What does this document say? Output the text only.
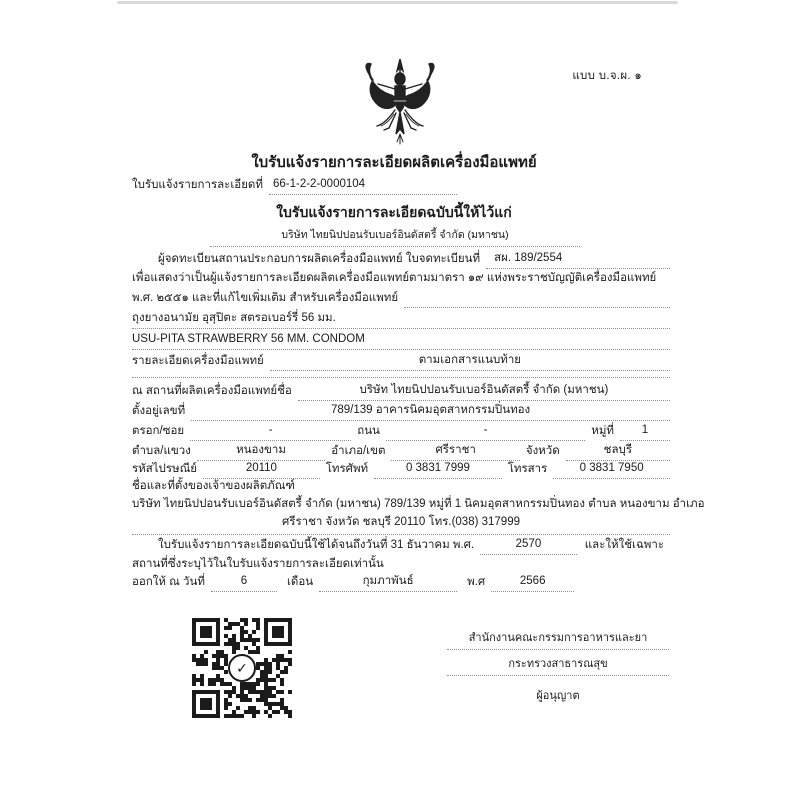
แบบ บ.จ.ผ. ๑
ใบรับแจ้งรายการละเอียดผลิตเครื่องมือแพทย์
ใบรับแจ้งรายการละเอียดที่ 66-1-2-2-0000104
ใบรับแจ้งรายการละเอียดฉบับนี้ให้ไว้แก่
บริษัท ไทยนิปปอนรับเบอร์อินดัสตรี้ จำกัด (มหาชน)
ผู้จดทะเบียนสถานประกอบการผลิตเครื่องมือแพทย์ ใบจดทะเบียนที่	สผ. 189/2554
เพื่อแสดงว่าเป็นผู้แจ้งรายการละเอียดผลิตเครื่องมือแพทย์ตามมาตรา ๑๙ แห่งพระราชบัญญัติเครื่องมือแพทย์
พ.ศ. ๒๕๕๑ และที่แก้ไขเพิ่มเติม สำหรับเครื่องมือแพทย์
ถุงยางอนามัย อุสุปิตะ สตรอเบอร์รี่ 56 มม.
USU-PITA STRAWBERRY 56 MM. CONDOM
รายละเอียดเครื่องมือแพทย์	ตามเอกสารแนบท้าย
ณ สถานที่ผลิตเครื่องมือแพทย์ชื่อ	บริษัท ไทยนิปปอนรับเบอร์อินดัสตรี้ จำกัด (มหาชน)
ตั้งอยู่เลขที่	789/139 อาคารนิคมอุตสาหกรรมปิ่นทอง
ตรอก/ซอย	-	ถนน	-	หมู่ที่	1
ตำบล/แขวง	หนองขาม	อำเภอ/เขต	ศรีราชา	จังหวัด	ชลบุรี
รหัสไปรษณีย์	20110	โทรศัพท์	0 3831 7999	โทรสาร	0 3831 7950
ชื่อและที่ตั้งของเจ้าของผลิตภัณฑ์
บริษัท ไทยนิปปอนรับเบอร์อินดัสตรี้ จำกัด (มหาชน) 789/139 หมู่ที่ 1 นิคมอุตสาหกรรมปิ่นทอง ตำบล หนองขาม อำเภอ
ศรีราชา จังหวัด ชลบุรี 20110 โทร.(038) 317999
ใบรับแจ้งรายการละเอียดฉบับนี้ใช้ได้จนถึงวันที่ 31 ธันวาคม พ.ศ.	2570	และให้ใช้เฉพาะ
สถานที่ซึ่งระบุไว้ในใบรับแจ้งรายการละเอียดเท่านั้น
ออกให้ ณ วันที่	6	เดือน	กุมภาพันธ์	พ.ศ	2566
✓
สำนักงานคณะกรรมการอาหารและยา
กระทรวงสาธารณสุข
ผู้อนุญาต
